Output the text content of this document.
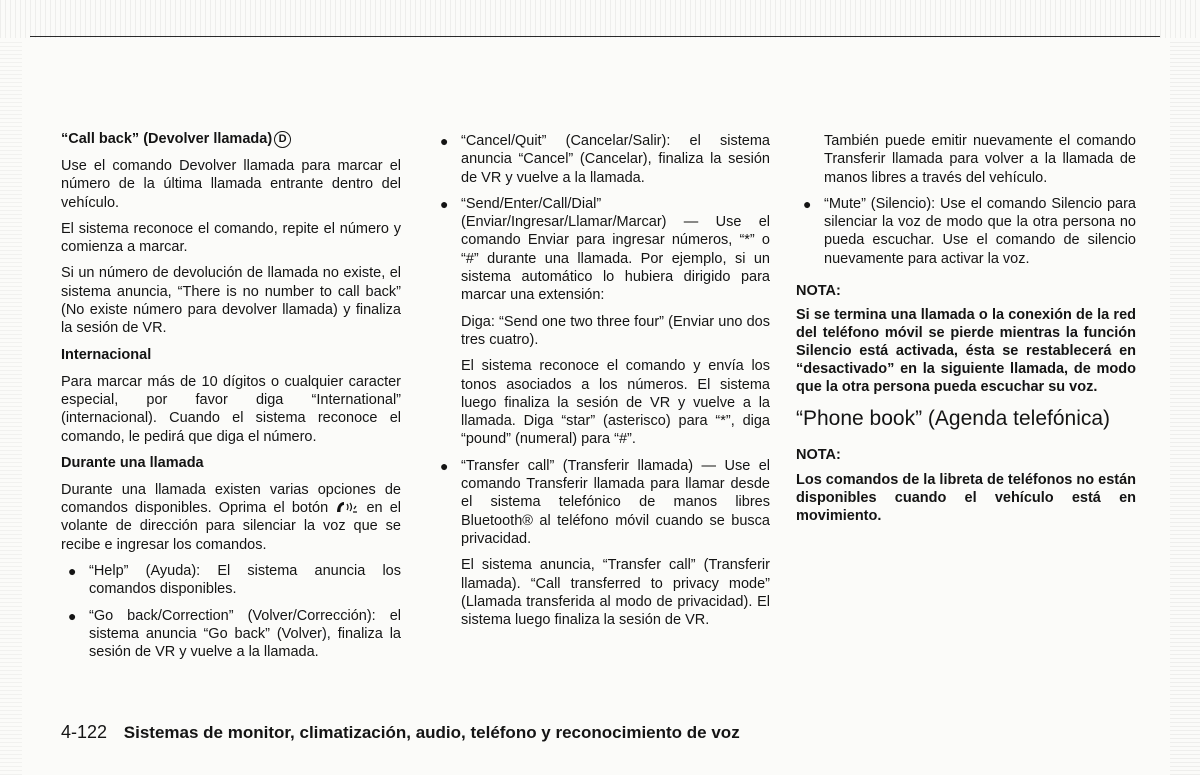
“Call back” (Devolver llamada) D

Use el comando Devolver llamada para marcar el número de la última llamada entrante dentro del vehículo.

El sistema reconoce el comando, repite el número y comienza a marcar.

Si un número de devolución de llamada no existe, el sistema anuncia, “There is no number to call back” (No existe número para devolver llamada) y finaliza la sesión de VR.

Internacional

Para marcar más de 10 dígitos o cualquier caracter especial, por favor diga “International” (internacional). Cuando el sistema reconoce el comando, le pedirá que diga el número.

Durante una llamada

Durante una llamada existen varias opciones de comandos disponibles. Oprima el botón	en el volante de dirección para silenciar la voz que se recibe e ingresar los comandos.

● “Help” (Ayuda): El sistema anuncia los comandos disponibles.
● “Go back/Correction” (Volver/Corrección): el sistema anuncia “Go back” (Volver), finaliza la sesión de VR y vuelve a la llamada.
● “Cancel/Quit” (Cancelar/Salir): el sistema anuncia “Cancel” (Cancelar), finaliza la sesión de VR y vuelve a la llamada.
● “Send/Enter/Call/Dial” (Enviar/Ingresar/Llamar/Marcar) — Use el comando Enviar para ingresar números, “*” o “#” durante una llamada. Por ejemplo, si un sistema automático lo hubiera dirigido para marcar una extensión:
Diga: “Send one two three four” (Enviar uno dos tres cuatro).
El sistema reconoce el comando y envía los tonos asociados a los números. El sistema luego finaliza la sesión de VR y vuelve a la llamada. Diga “star” (asterisco) para “*”, diga “pound” (numeral) para “#”.
● “Transfer call” (Transferir llamada) — Use el comando Transferir llamada para llamar desde el sistema telefónico de manos libres Bluetooth® al teléfono móvil cuando se busca privacidad.
El sistema anuncia, “Transfer call” (Transferir llamada). “Call transferred to privacy mode” (Llamada transferida al modo de privacidad). El sistema luego finaliza la sesión de VR.
También puede emitir nuevamente el comando Transferir llamada para volver a la llamada de manos libres a través del vehículo.
● “Mute” (Silencio): Use el comando Silencio para silenciar la voz de modo que la otra persona no pueda escuchar. Use el comando de silencio nuevamente para activar la voz.
NOTA:
Si se termina una llamada o la conexión de la red del teléfono móvil se pierde mientras la función Silencio está activada, ésta se restablecerá en “desactivado” en la siguiente llamada, de modo que la otra persona pueda escuchar su voz.
“Phone book” (Agenda telefónica)
NOTA:
Los comandos de la libreta de teléfonos no están disponibles cuando el vehículo está en movimiento.
4-122 Sistemas de monitor, climatización, audio, teléfono y reconocimiento de voz
